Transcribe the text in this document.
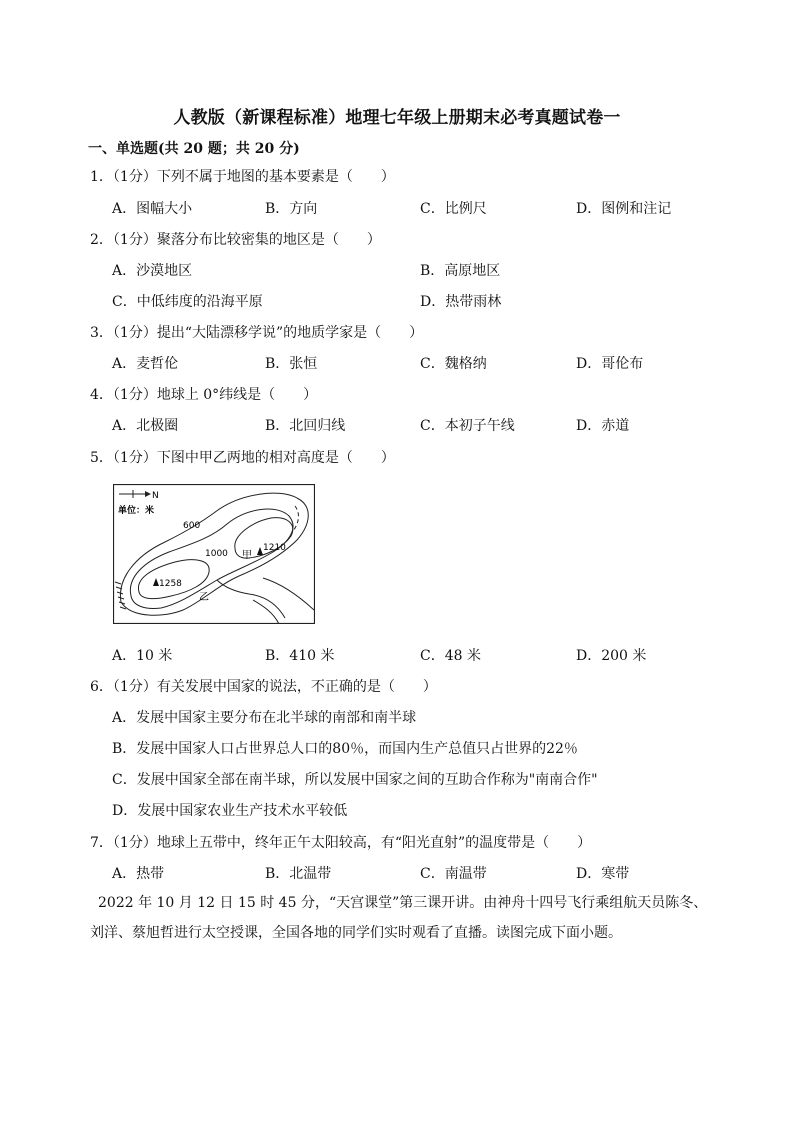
人教版（新课程标准）地理七年级上册期末必考真题试卷一
一、单选题(共 20 题；共 20 分)
1．（1分）下列不属于地图的基本要素是（　　）
A．图幅大小	B．方向	C．比例尺	D．图例和注记
2．（1分）聚落分布比较密集的地区是（　　）
A．沙漠地区	B．高原地区
C．中低纬度的沿海平原	D．热带雨林
3．（1分）提出“大陆漂移学说”的地质学家是（　　）
A．麦哲伦	B．张恒	C．魏格纳	D．哥伦布
4．（1分）地球上 0°纬线是（　　）
A．北极圈	B．北回归线	C．本初子午线	D．赤道
5．（1分）下图中甲乙两地的相对高度是（　　）
N
单位：米
600
1000 甲
1210
1258
乙
A．10 米	B．410 米	C．48 米	D．200 米
6．（1分）有关发展中国家的说法，不正确的是（　　）
A．发展中国家主要分布在北半球的南部和南半球
B．发展中国家人口占世界总人口的80％，而国内生产总值只占世界的22％
C．发展中国家全部在南半球，所以发展中国家之间的互助合作称为"南南合作"
D．发展中国家农业生产技术水平较低
7．（1分）地球上五带中，终年正午太阳较高，有“阳光直射”的温度带是（　　）
A．热带	B．北温带	C．南温带	D．寒带
2022 年 10 月 12 日 15 时 45 分，“天宫课堂”第三课开讲。由神舟十四号飞行乘组航天员陈冬、刘洋、蔡旭哲进行太空授课，全国各地的同学们实时观看了直播。读图完成下面小题。
